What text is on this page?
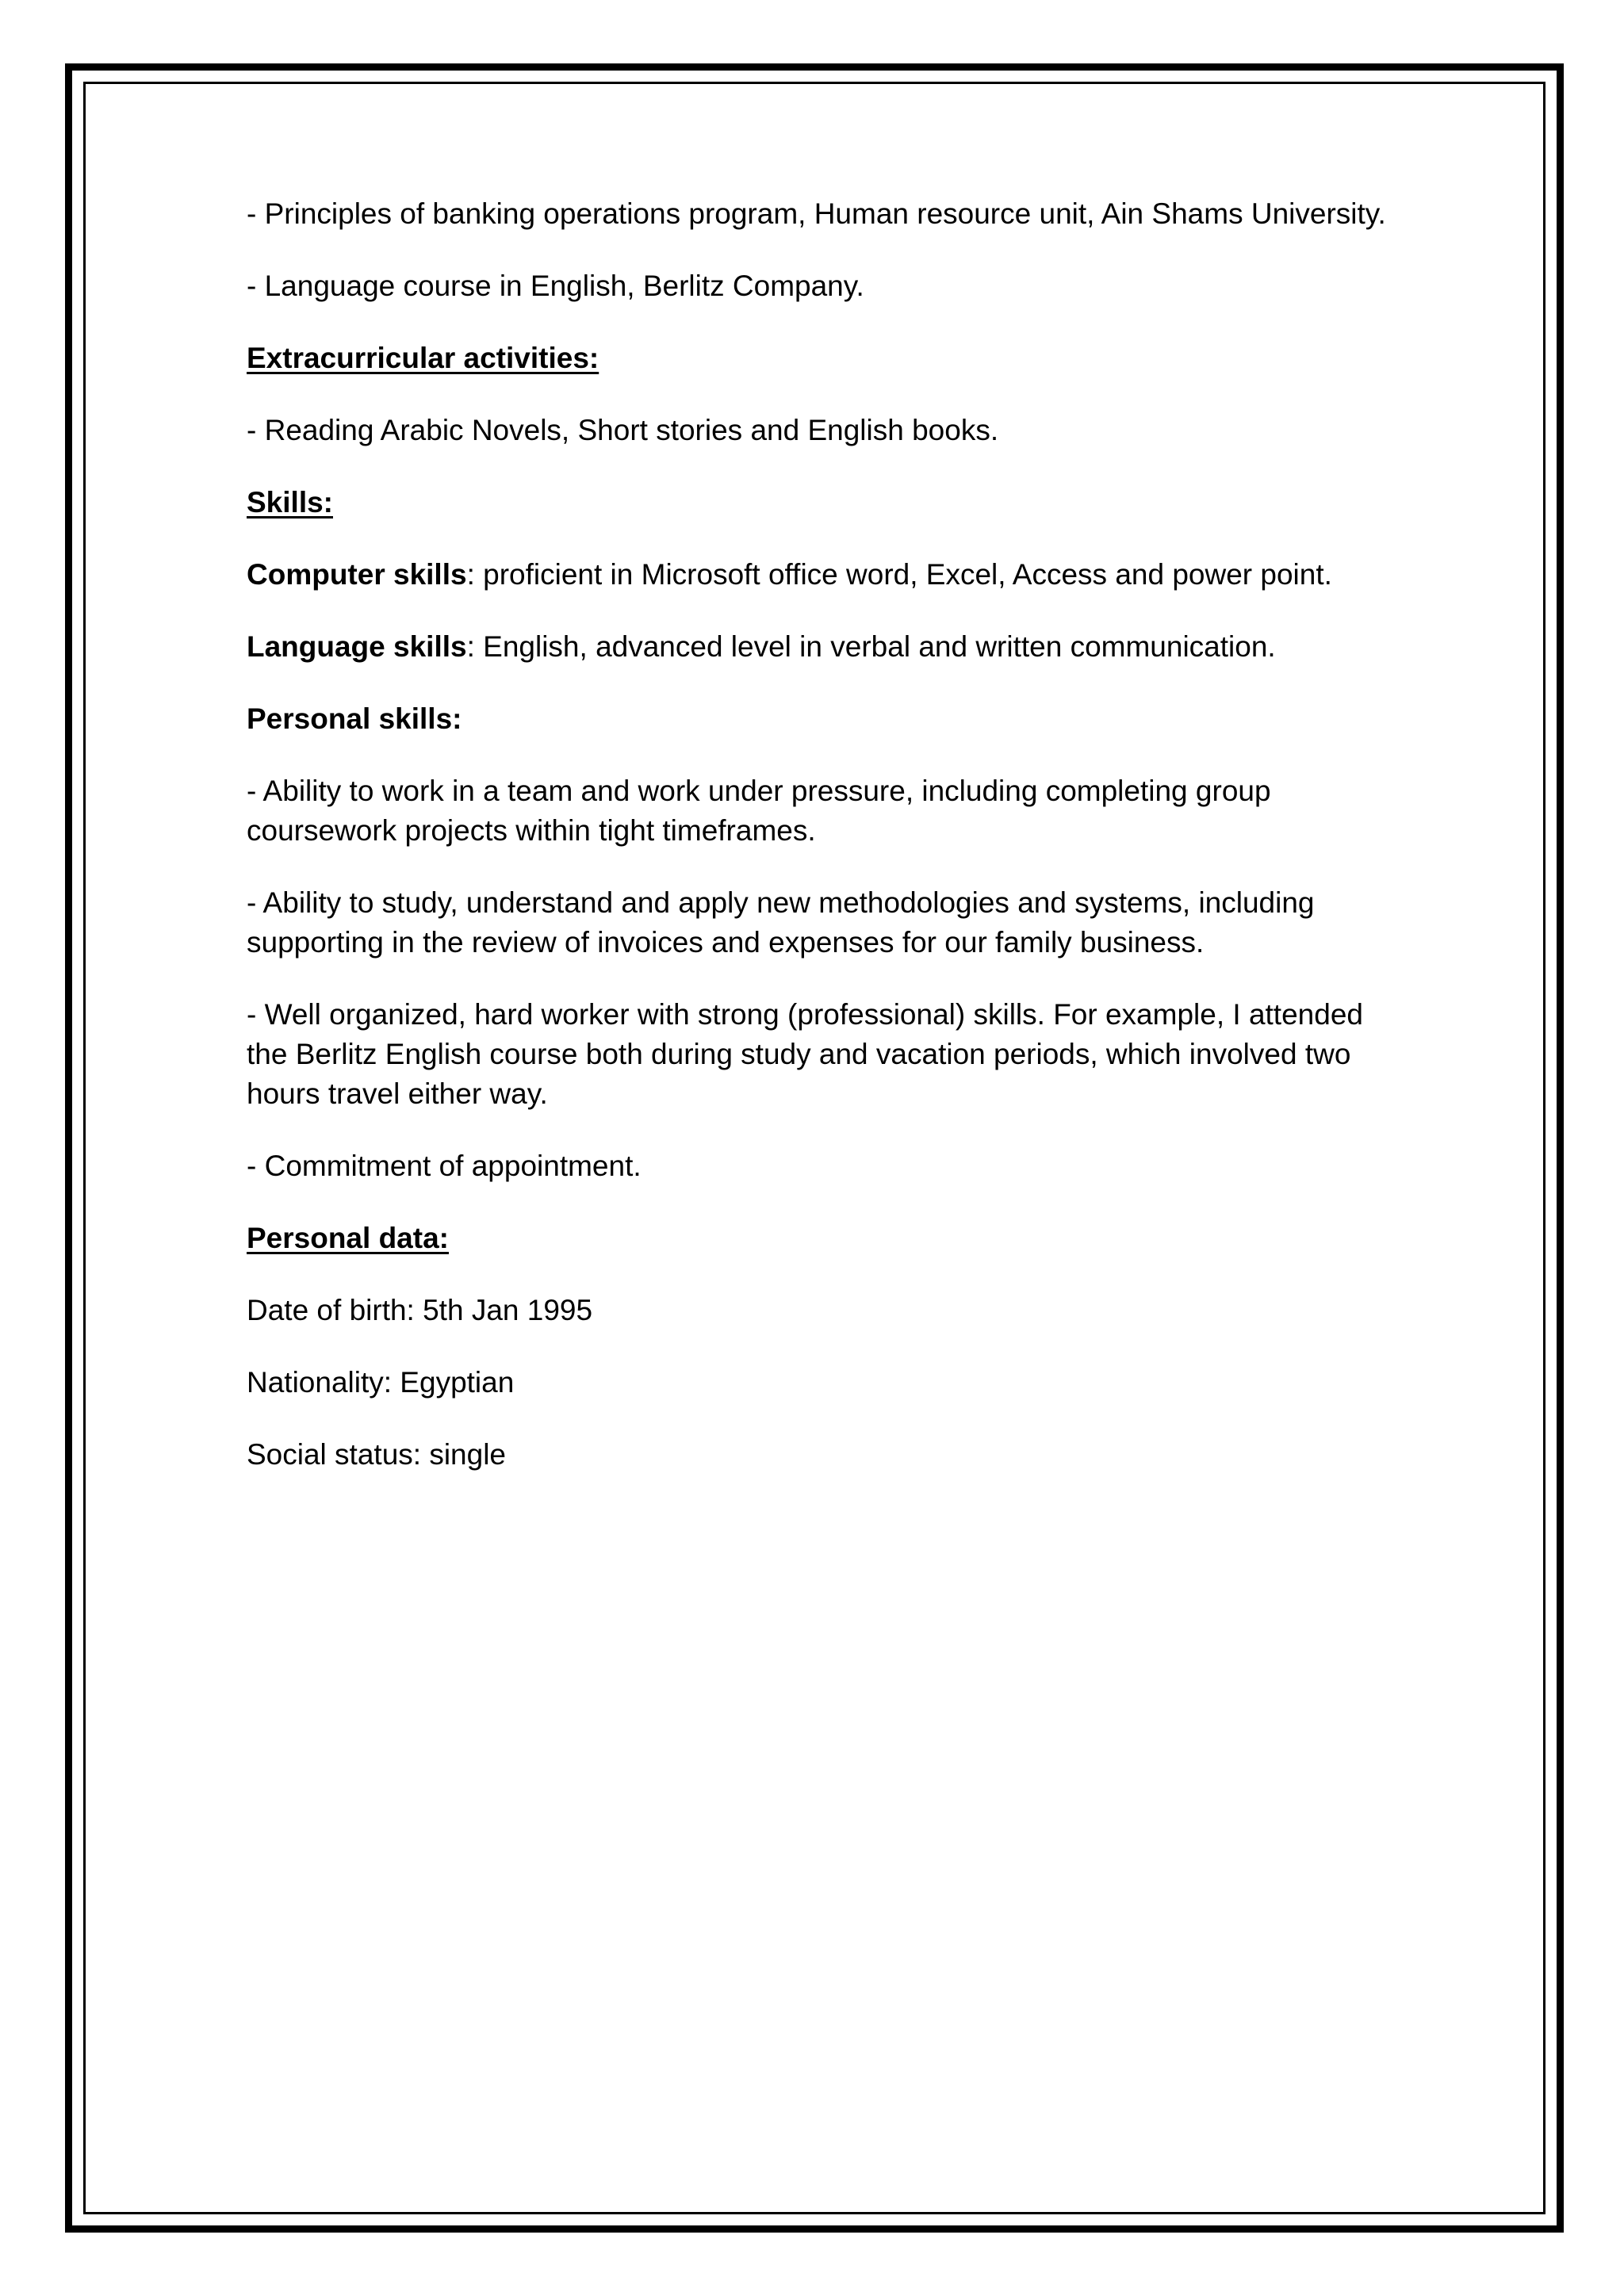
- Principles of banking operations program, Human resource unit, Ain Shams University.

- Language course in English, Berlitz Company.

Extracurricular activities:

- Reading Arabic Novels, Short stories and English books.

Skills:

Computer skills: proficient in Microsoft office word, Excel, Access and power point.

Language skills: English, advanced level in verbal and written communication.

Personal skills:

- Ability to work in a team and work under pressure, including completing group coursework projects within tight timeframes.

- Ability to study, understand and apply new methodologies and systems, including supporting in the review of invoices and expenses for our family business.

- Well organized, hard worker with strong (professional) skills. For example, I attended the Berlitz English course both during study and vacation periods, which involved two hours travel either way.

- Commitment of appointment.

Personal data:

Date of birth: 5th Jan 1995

Nationality: Egyptian

Social status: single
